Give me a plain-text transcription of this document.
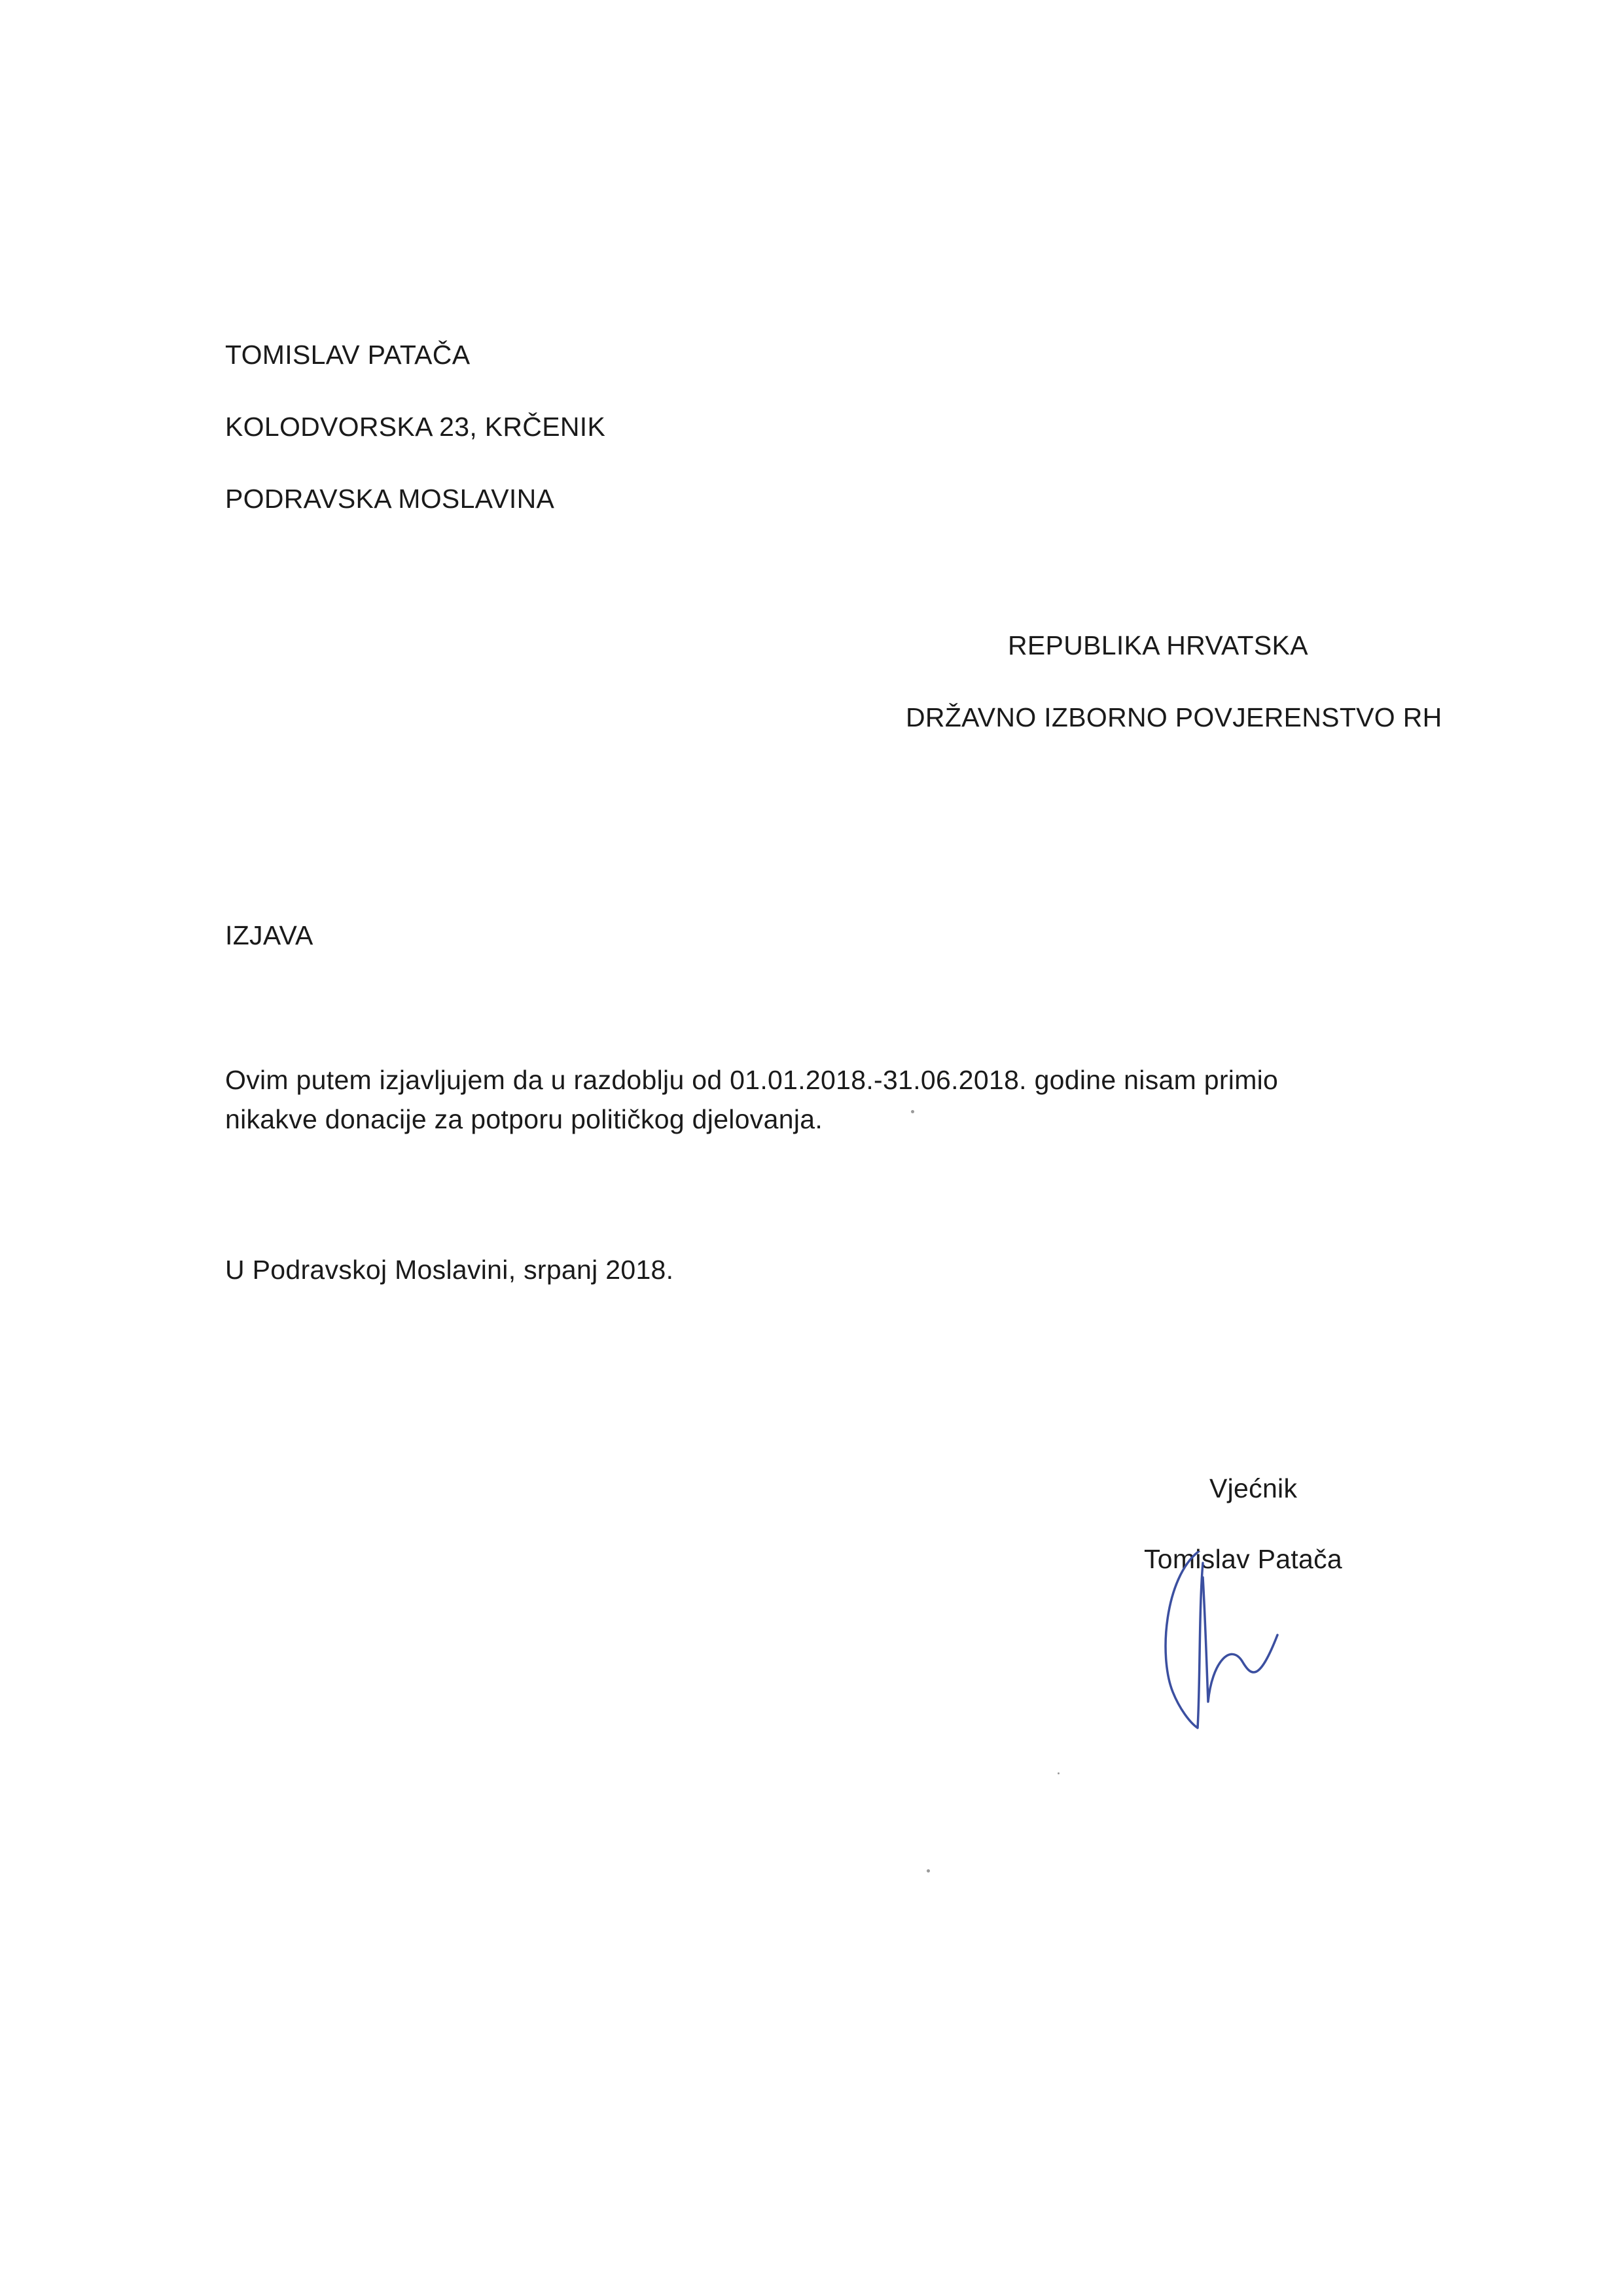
TOMISLAV PATAČA
KOLODVORSKA 23, KRČENIK
PODRAVSKA MOSLAVINA
REPUBLIKA HRVATSKA
DRŽAVNO IZBORNO POVJERENSTVO RH
IZJAVA
Ovim putem izjavljujem da u razdoblju od 01.01.2018.-31.06.2018. godine nisam primio
nikakve donacije za potporu političkog djelovanja.
U Podravskoj Moslavini, srpanj 2018.
Vjećnik
Tomislav Patača
